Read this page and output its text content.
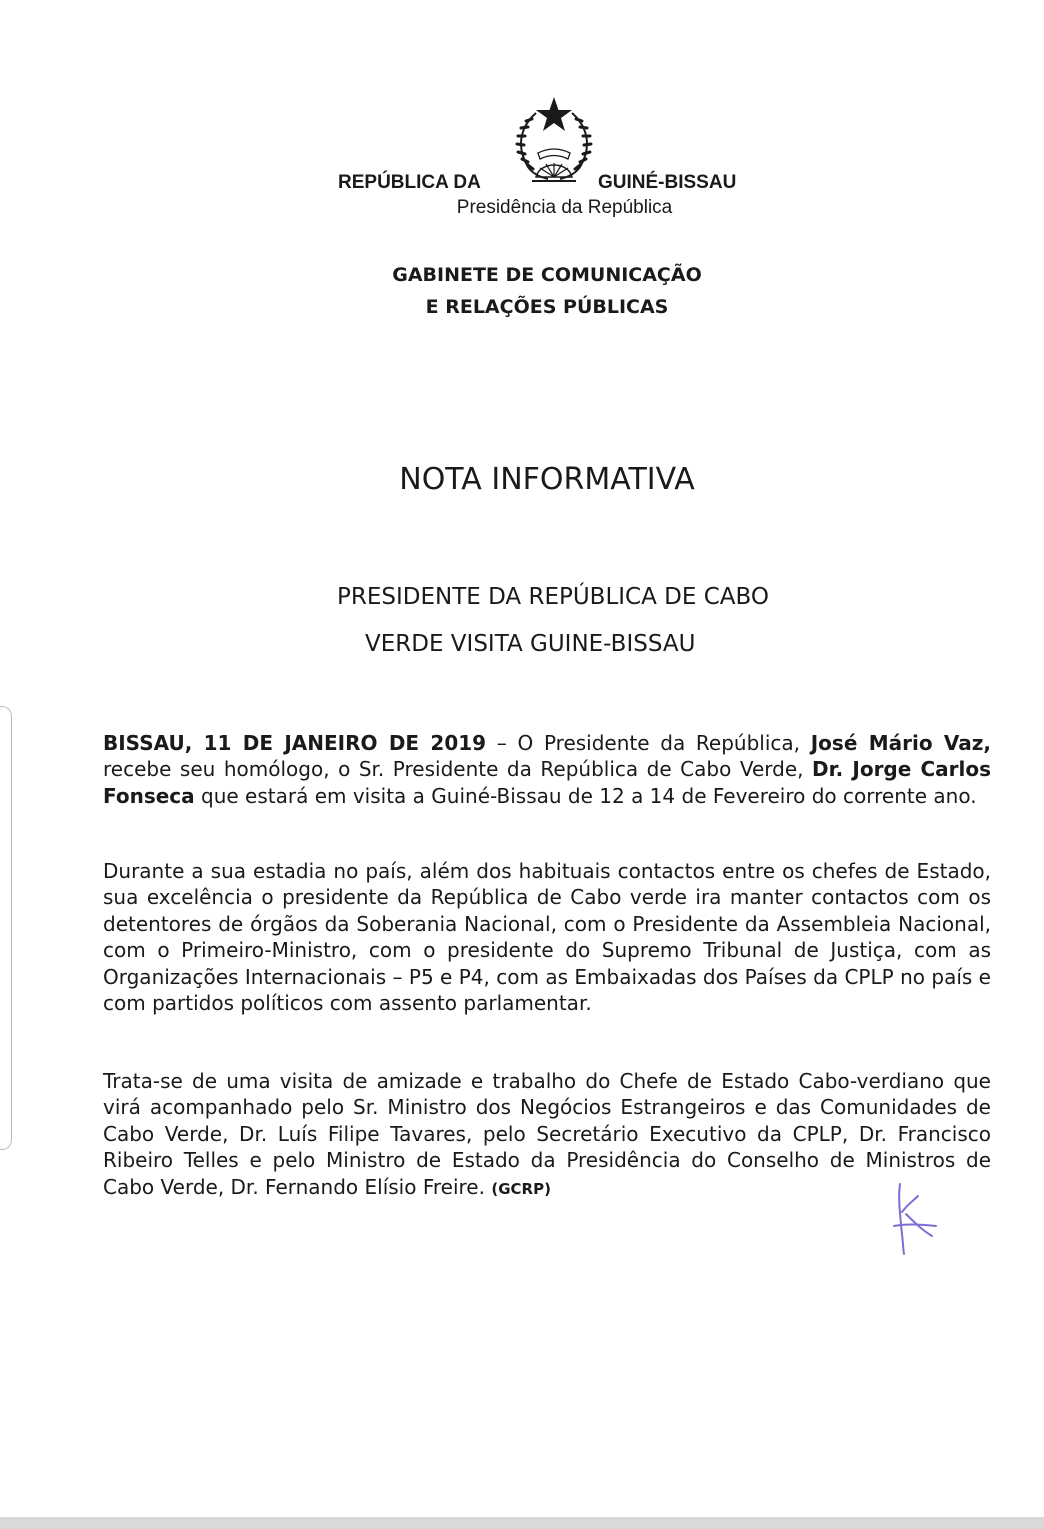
REPÚBLICA DA	GUINÉ-BISSAU
Presidência da República
GABINETE DE COMUNICAÇÃO
E RELAÇÕES PÚBLICAS
NOTA INFORMATIVA
PRESIDENTE DA REPÚBLICA DE CABO
VERDE VISITA GUINE-BISSAU
BISSAU, 11 DE JANEIRO DE 2019 – O Presidente da República, José Mário Vaz, recebe seu homólogo, o Sr. Presidente da República de Cabo Verde, Dr. Jorge Carlos Fonseca que estará em visita a Guiné-Bissau de 12 a 14 de Fevereiro do corrente ano.
Durante a sua estadia no país, além dos habituais contactos entre os chefes de Estado, sua excelência o presidente da República de Cabo verde ira manter contactos com os detentores de órgãos da Soberania Nacional, com o Presidente da Assembleia Nacional, com o Primeiro-Ministro, com o presidente do Supremo Tribunal de Justiça, com as Organizações Internacionais – P5 e P4, com as Embaixadas dos Países da CPLP no país e com partidos políticos com assento parlamentar.
Trata-se de uma visita de amizade e trabalho do Chefe de Estado Cabo-verdiano que virá acompanhado pelo Sr. Ministro dos Negócios Estrangeiros e das Comunidades de Cabo Verde, Dr. Luís Filipe Tavares, pelo Secretário Executivo da CPLP, Dr. Francisco Ribeiro Telles e pelo Ministro de Estado da Presidência do Conselho de Ministros de Cabo Verde, Dr. Fernando Elísio Freire. (GCRP)
